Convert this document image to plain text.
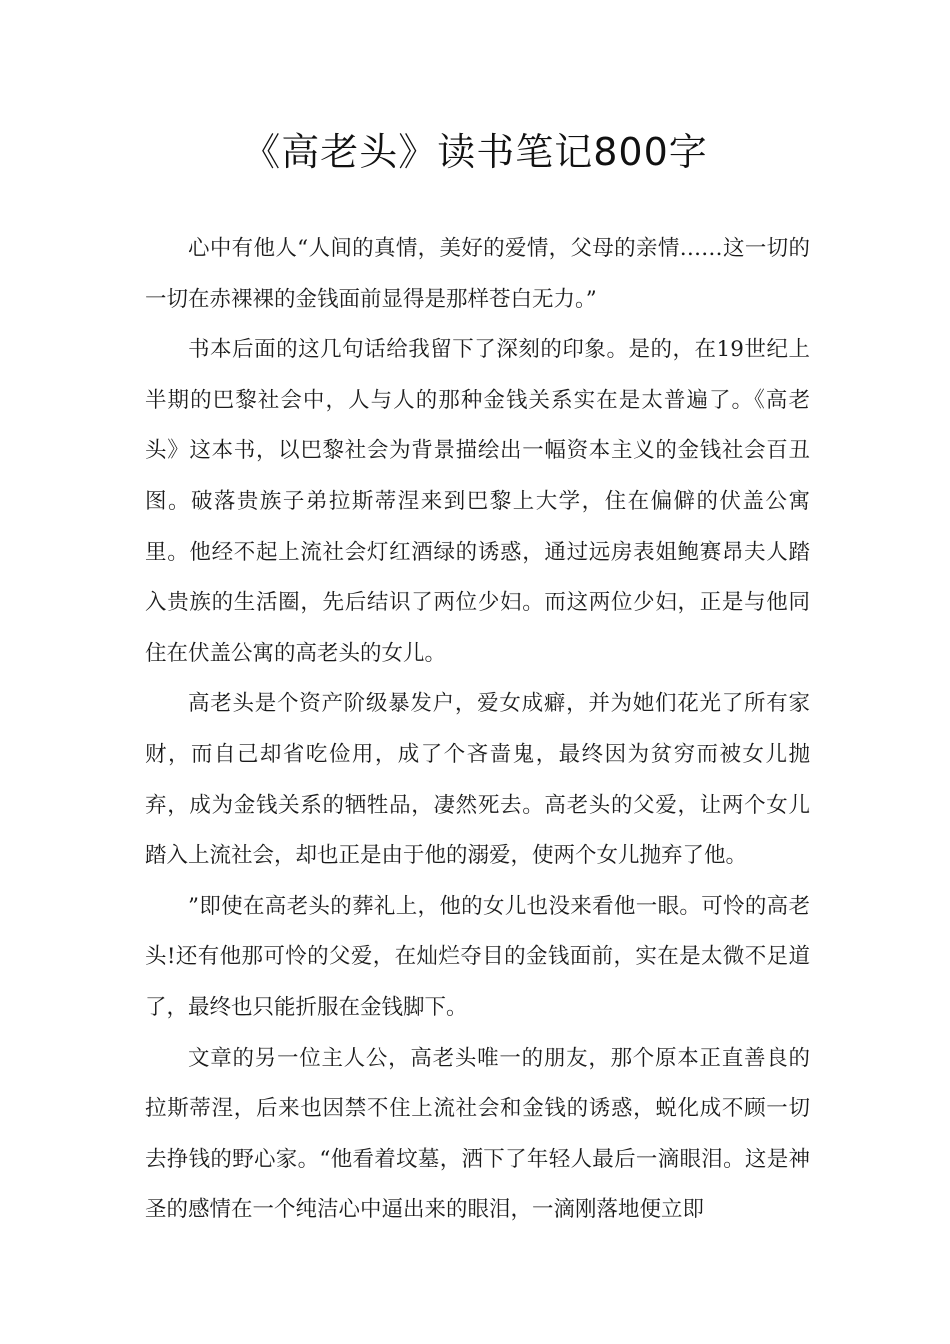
《高老头》读书笔记800字

心中有他人“人间的真情，美好的爱情，父母的亲情……这一切的一切在赤裸裸的金钱面前显得是那样苍白无力。”

书本后面的这几句话给我留下了深刻的印象。是的，在19世纪上半期的巴黎社会中，人与人的那种金钱关系实在是太普遍了。《高老头》这本书，以巴黎社会为背景描绘出一幅资本主义的金钱社会百丑图。破落贵族子弟拉斯蒂涅来到巴黎上大学，住在偏僻的伏盖公寓里。他经不起上流社会灯红酒绿的诱惑，通过远房表姐鲍赛昂夫人踏入贵族的生活圈，先后结识了两位少妇。而这两位少妇，正是与他同住在伏盖公寓的高老头的女儿。

高老头是个资产阶级暴发户，爱女成癖，并为她们花光了所有家财，而自己却省吃俭用，成了个吝啬鬼，最终因为贫穷而被女儿抛弃，成为金钱关系的牺牲品，凄然死去。高老头的父爱，让两个女儿踏入上流社会，却也正是由于他的溺爱，使两个女儿抛弃了他。

”即使在高老头的葬礼上，他的女儿也没来看他一眼。可怜的高老头!还有他那可怜的父爱，在灿烂夺目的金钱面前，实在是太微不足道了，最终也只能折服在金钱脚下。

文章的另一位主人公，高老头唯一的朋友，那个原本正直善良的拉斯蒂涅，后来也因禁不住上流社会和金钱的诱惑，蜕化成不顾一切去挣钱的野心家。“他看着坟墓，洒下了年轻人最后一滴眼泪。这是神圣的感情在一个纯洁心中逼出来的眼泪，一滴刚落地便立即
